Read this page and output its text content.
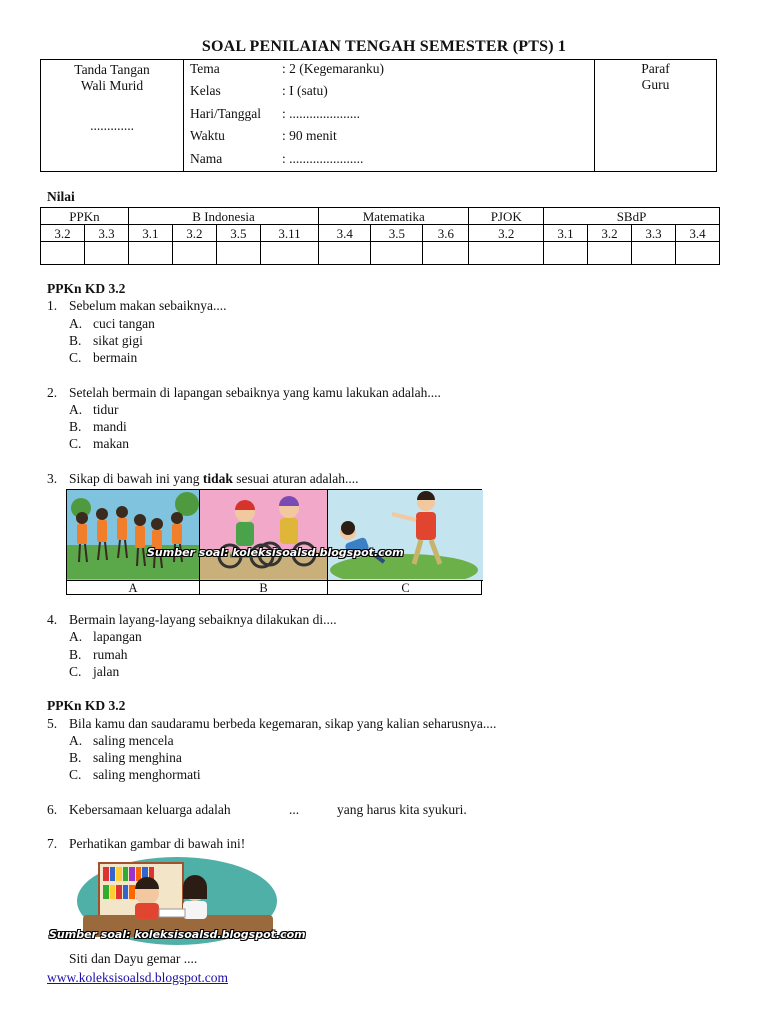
SOAL PENILAIAN TENGAH SEMESTER (PTS) 1
Tanda Tangan
Wali Murid
.............
Tema	: 2 (Kegemaranku)
Kelas	: I (satu)
Hari/Tanggal : .....................
Waktu	: 90 menit
Nama	: ......................
Paraf
Guru
Nilai
PPKn		B Indonesia				Matematika			PJOK	SBdP			
3.2	3.3	3.1	3.2	3.5	3.11	3.4	3.5	3.6	3.2	3.1	3.2	3.3	3.4

PPKn KD 3.2
1. Sebelum makan sebaiknya....
A. cuci tangan
B. sikat gigi
C. bermain
2. Setelah bermain di lapangan sebaiknya yang kamu lakukan adalah....
A. tidur
B. mandi
C. makan
3. Sikap di bawah ini yang tidak sesuai aturan adalah....
A	B	C
Sumber soal: koleksisoalsd.blogspot.com
4. Bermain layang-layang sebaiknya dilakukan di....
A. lapangan
B. rumah
C. jalan
PPKn KD 3.2
5. Bila kamu dan saudaramu berbeda kegemaran, sikap yang kalian seharusnya....
A. saling mencela
B. saling menghina
C. saling menghormati
6. Kebersamaan keluarga adalah	...	yang harus kita syukuri.
7. Perhatikan gambar di bawah ini!
Sumber soal: koleksisoalsd.blogspot.com
Siti dan Dayu gemar ....
www.koleksisoalsd.blogspot.com
